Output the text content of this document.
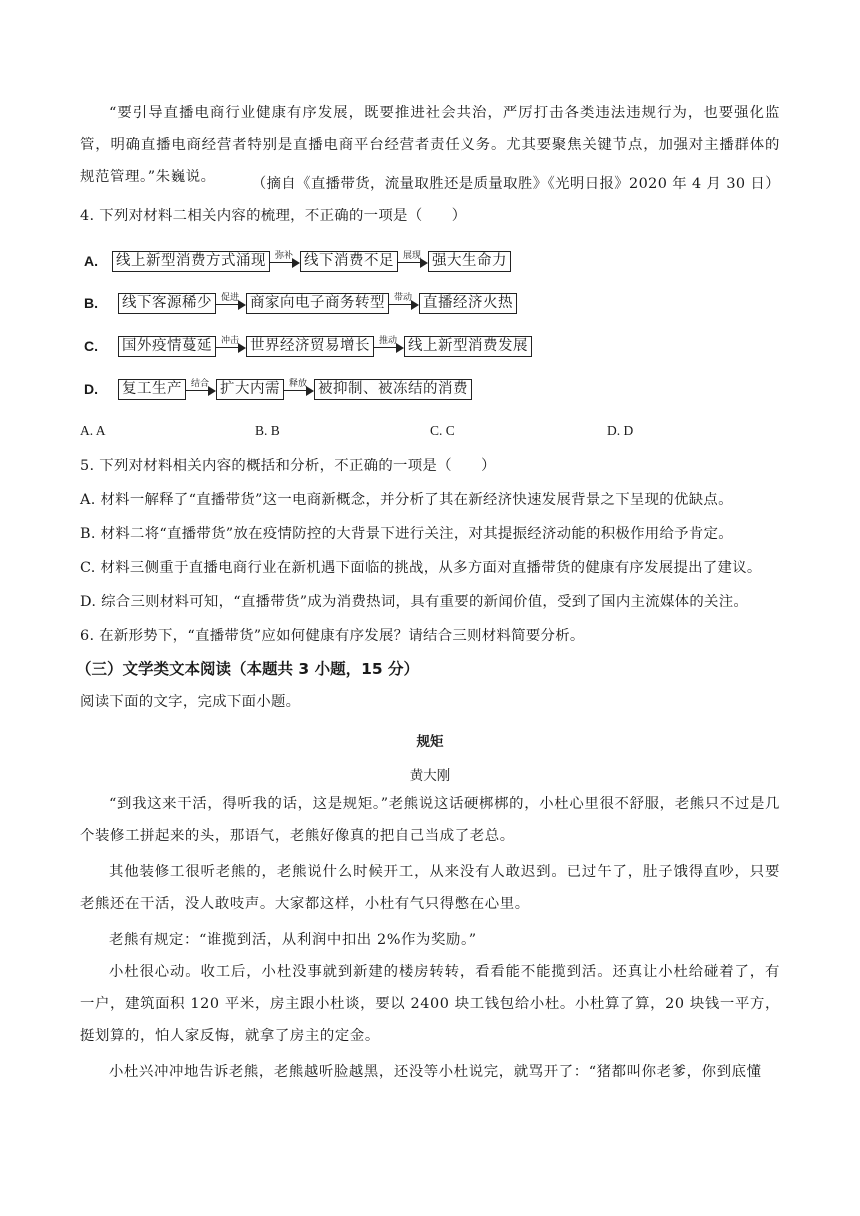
“要引导直播电商行业健康有序发展，既要推进社会共治，严厉打击各类违法违规行为，也要强化监管，明确直播电商经营者特别是直播电商平台经营者责任义务。尤其要聚焦关键节点，加强对主播群体的规范管理。”朱巍说。	（摘自《直播带货，流量取胜还是质量取胜》《光明日报》2020 年 4 月 30 日）
4. 下列对材料二相关内容的梳理，不正确的一项是（　　）
A.	线上新型消费方式涌现 弥补 线下消费不足 展现 强大生命力
B.	线下客源稀少 促进 商家向电子商务转型 带动 直播经济火热
C.	国外疫情蔓延 冲击 世界经济贸易增长 推动 线上新型消费发展
D.	复工生产 结合 扩大内需 释放 被抑制、被冻结的消费
A. A	B. B	C. C	D. D
5. 下列对材料相关内容的概括和分析，不正确的一项是（　　）
A. 材料一解释了“直播带货”这一电商新概念，并分析了其在新经济快速发展背景之下呈现的优缺点。
B. 材料二将“直播带货”放在疫情防控的大背景下进行关注，对其提振经济动能的积极作用给予肯定。
C. 材料三侧重于直播电商行业在新机遇下面临的挑战，从多方面对直播带货的健康有序发展提出了建议。
D. 综合三则材料可知，“直播带货”成为消费热词，具有重要的新闻价值，受到了国内主流媒体的关注。
6. 在新形势下，“直播带货”应如何健康有序发展？请结合三则材料简要分析。
（三）文学类文本阅读（本题共 3 小题，15 分）
阅读下面的文字，完成下面小题。
规矩
黄大刚

“到我这来干活，得听我的话，这是规矩。”老熊说这话硬梆梆的，小杜心里很不舒服，老熊只不过是几个装修工拼起来的头，那语气，老熊好像真的把自己当成了老总。

其他装修工很听老熊的，老熊说什么时候开工，从来没有人敢迟到。已过午了，肚子饿得直吵，只要老熊还在干活，没人敢吱声。大家都这样，小杜有气只得憋在心里。

老熊有规定：“谁揽到活，从利润中扣出 2%作为奖励。”

小杜很心动。收工后，小杜没事就到新建的楼房转转，看看能不能揽到活。还真让小杜给碰着了，有一户，建筑面积 120 平米，房主跟小杜谈，要以 2400 块工钱包给小杜。小杜算了算，20 块钱一平方，挺划算的，怕人家反悔，就拿了房主的定金。

小杜兴冲冲地告诉老熊，老熊越听脸越黑，还没等小杜说完，就骂开了：“猪都叫你老爹，你到底懂
